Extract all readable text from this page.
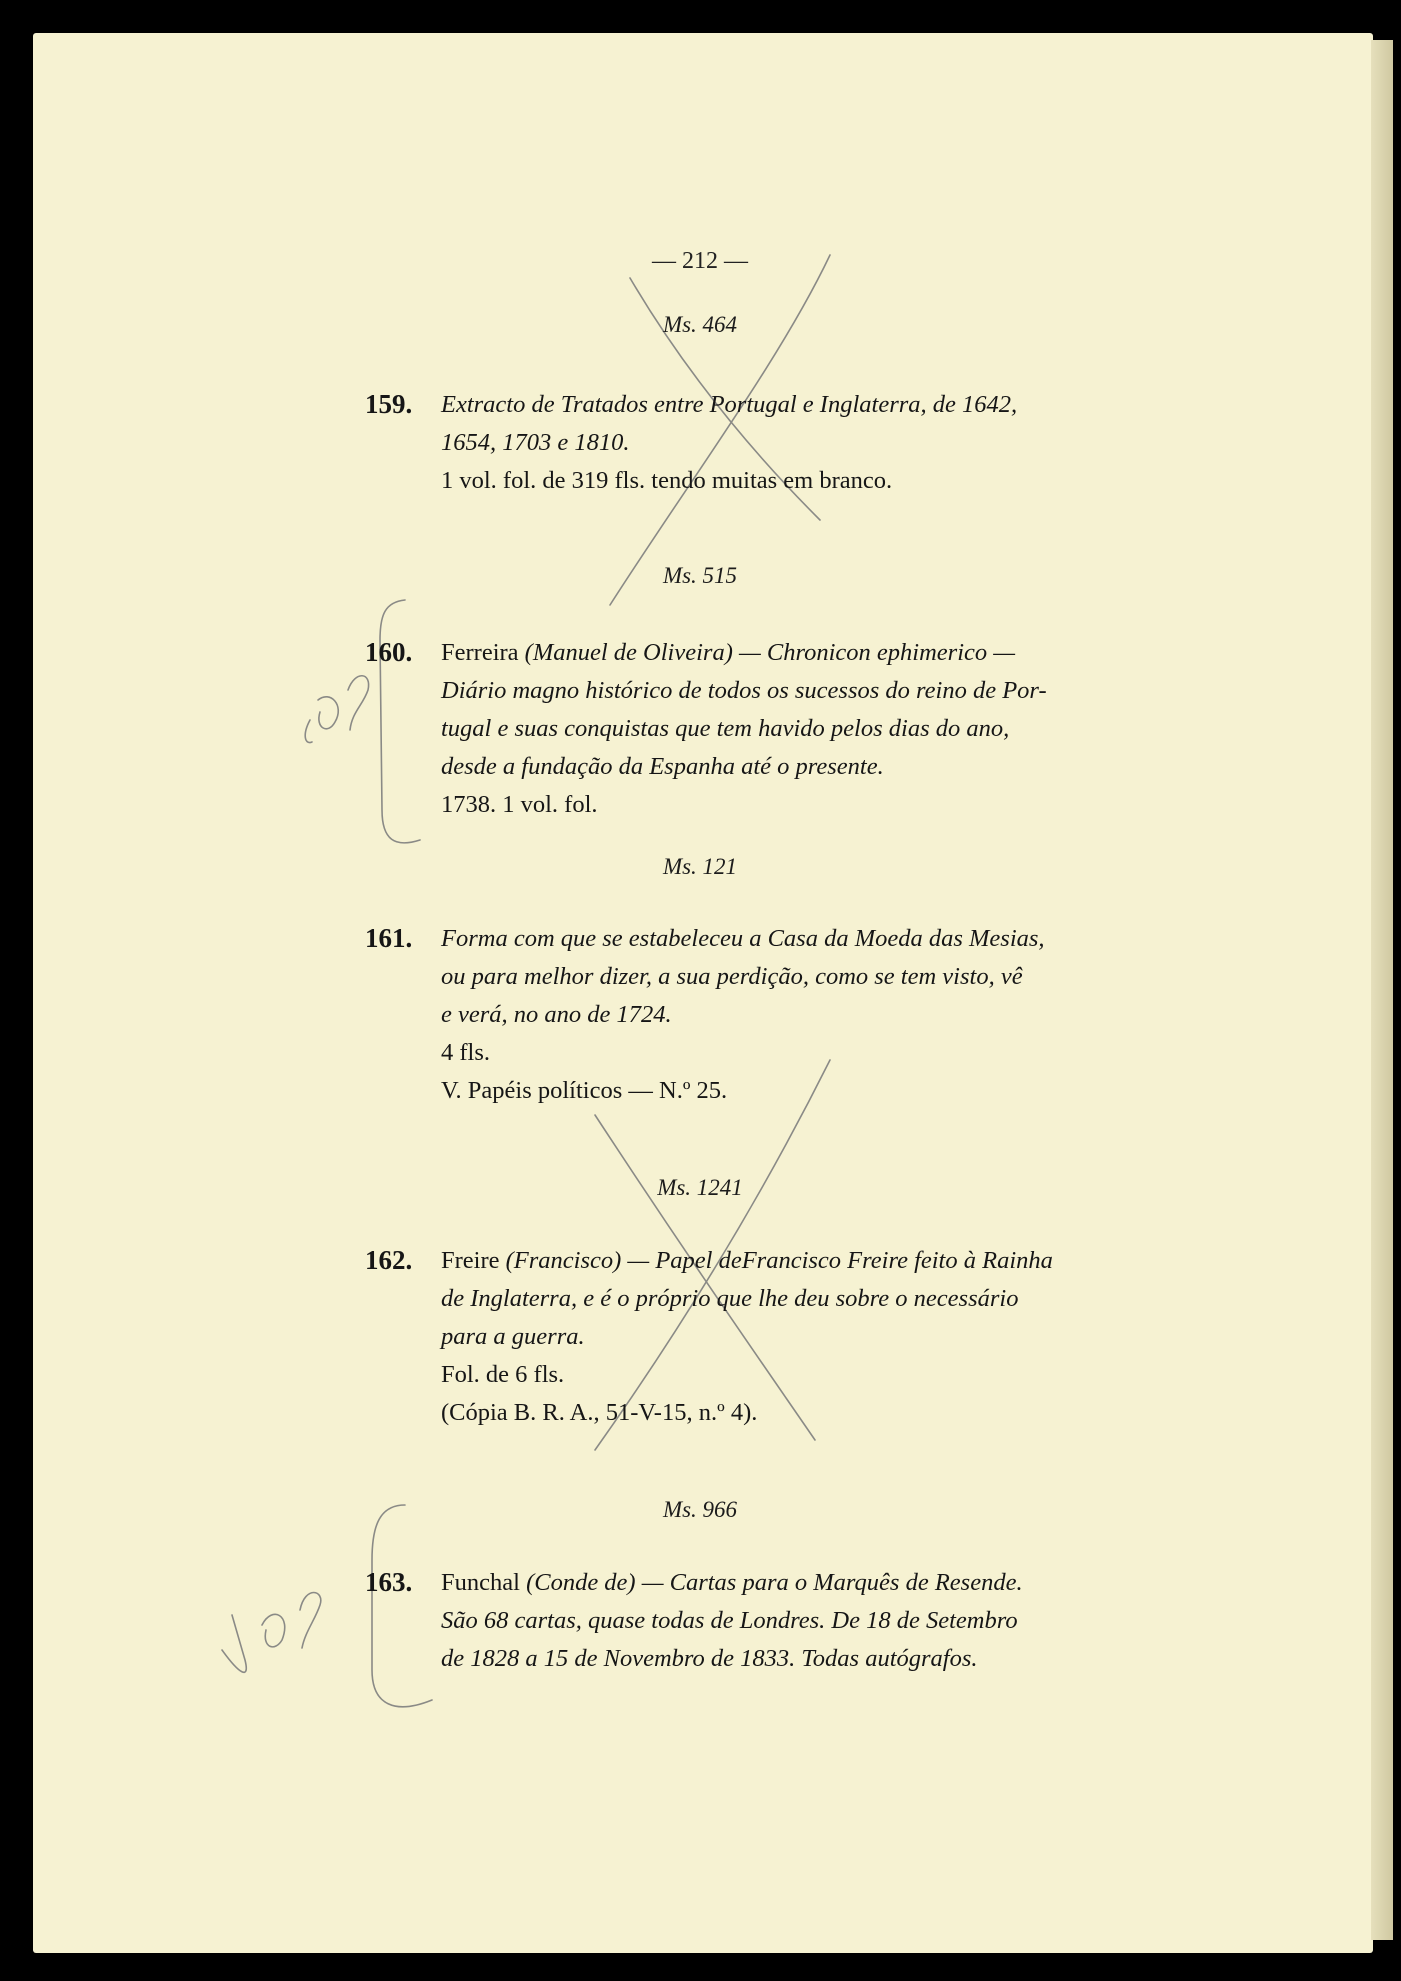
— 212 —
Ms. 464
159. Extracto de Tratados entre Portugal e Inglaterra, de 1642,
1654, 1703 e 1810.
1 vol. fol. de 319 fls. tendo muitas em branco.
Ms. 515
160. Ferreira (Manuel de Oliveira) — Chronicon ephimerico —
Diário magno histórico de todos os sucessos do reino de Por-
tugal e suas conquistas que tem havido pelos dias do ano,
desde a fundação da Espanha até o presente.
1738. 1 vol. fol.
Ms. 121
161. Forma com que se estabeleceu a Casa da Moeda das Mesias,
ou para melhor dizer, a sua perdição, como se tem visto, vê
e verá, no ano de 1724.
4 fls.
V. Papéis políticos — N.º 25.
Ms. 1241
162. Freire (Francisco) — Papel deFrancisco Freire feito à Rainha
de Inglaterra, e é o próprio que lhe deu sobre o necessário
para a guerra.
Fol. de 6 fls.
(Cópia B. R. A., 51-V-15, n.º 4).
Ms. 966
163. Funchal (Conde de) — Cartas para o Marquês de Resende.
São 68 cartas, quase todas de Londres. De 18 de Setembro
de 1828 a 15 de Novembro de 1833. Todas autógrafos.
